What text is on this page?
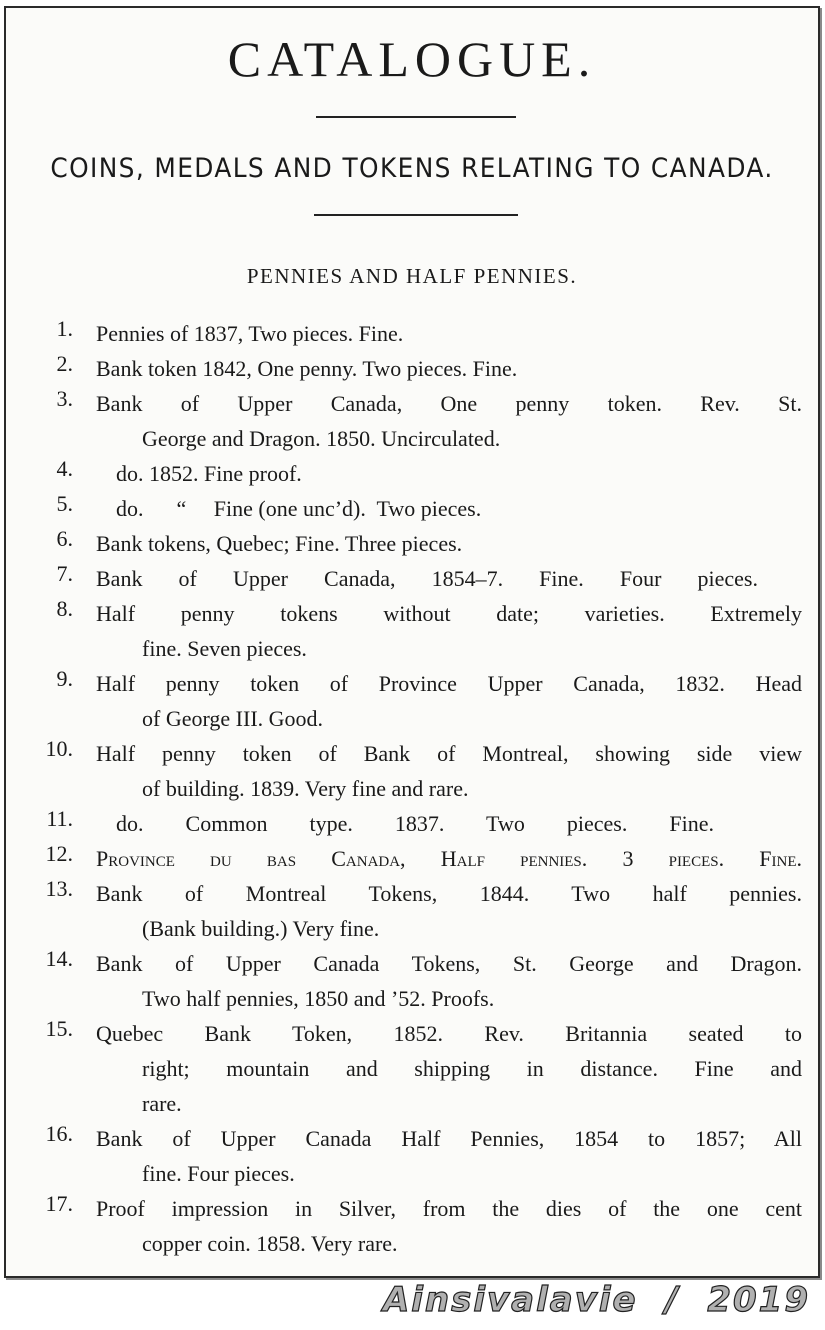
CATALOGUE.
COINS, MEDALS AND TOKENS RELATING TO CANADA.
PENNIES AND HALF PENNIES.
1. Pennies of 1837, Two pieces. Fine.
2. Bank token 1842, One penny. Two pieces. Fine.
3. Bank of Upper Canada, One penny token. Rev. St.
George and Dragon. 1850. Uncirculated.
4.	do. 1852. Fine proof.
5.	do.      “     Fine (one unc’d).  Two pieces.
6. Bank tokens, Quebec; Fine. Three pieces.
7. Bank of Upper Canada, 1854–7. Fine. Four pieces.
8. Half penny tokens without date; varieties. Extremely
fine. Seven pieces.
9. Half penny token of Province Upper Canada, 1832. Head
of George III. Good.
10. Half penny token of Bank of Montreal, showing side view
of building. 1839. Very fine and rare.
11.	do. Common type. 1837. Two pieces. Fine.
12. Province du bas Canada, Half pennies. 3 pieces. Fine.
13. Bank of Montreal Tokens, 1844. Two half pennies.
(Bank building.) Very fine.
14. Bank of Upper Canada Tokens, St. George and Dragon.
Two half pennies, 1850 and ’52. Proofs.
15. Quebec Bank Token, 1852. Rev. Britannia seated to
right; mountain and shipping in distance. Fine and
rare.
16. Bank of Upper Canada Half Pennies, 1854 to 1857; All
fine. Four pieces.
17. Proof impression in Silver, from the dies of the one cent
copper coin. 1858. Very rare.
Ainsivalavie  /  2019
